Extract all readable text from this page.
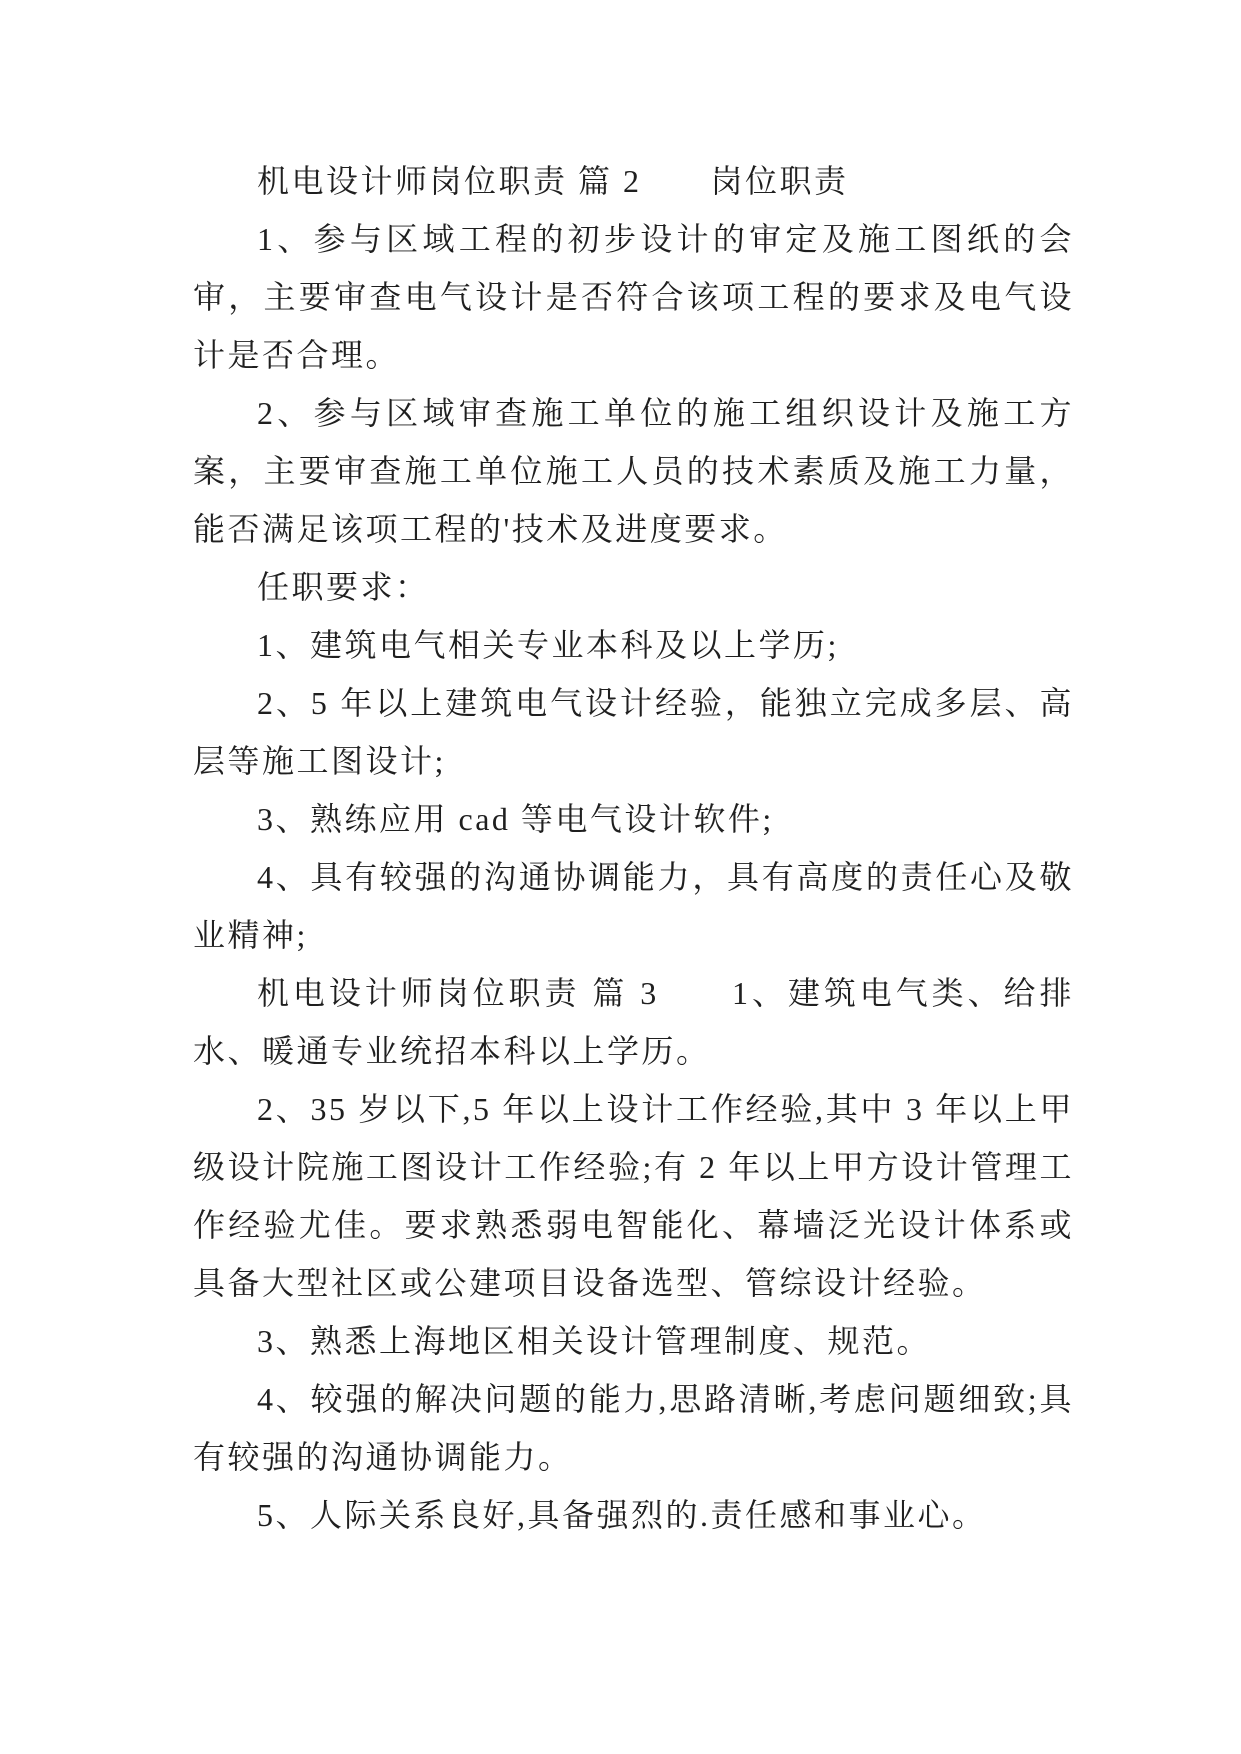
机电设计师岗位职责 篇 2　　岗位职责

1、参与区域工程的初步设计的审定及施工图纸的会审，主要审查电气设计是否符合该项工程的要求及电气设计是否合理。

2、参与区域审查施工单位的施工组织设计及施工方案，主要审查施工单位施工人员的技术素质及施工力量，能否满足该项工程的'技术及进度要求。

任职要求：

1、建筑电气相关专业本科及以上学历;

2、5 年以上建筑电气设计经验，能独立完成多层、高层等施工图设计;

3、熟练应用 cad 等电气设计软件;

4、具有较强的沟通协调能力，具有高度的责任心及敬业精神;

机电设计师岗位职责 篇 3　　1、建筑电气类、给排水、暖通专业统招本科以上学历。

2、35 岁以下,5 年以上设计工作经验,其中 3 年以上甲级设计院施工图设计工作经验;有 2 年以上甲方设计管理工作经验尤佳。要求熟悉弱电智能化、幕墙泛光设计体系或具备大型社区或公建项目设备选型、管综设计经验。

3、熟悉上海地区相关设计管理制度、规范。

4、较强的解决问题的能力,思路清晰,考虑问题细致;具有较强的沟通协调能力。

5、人际关系良好,具备强烈的.责任感和事业心。
